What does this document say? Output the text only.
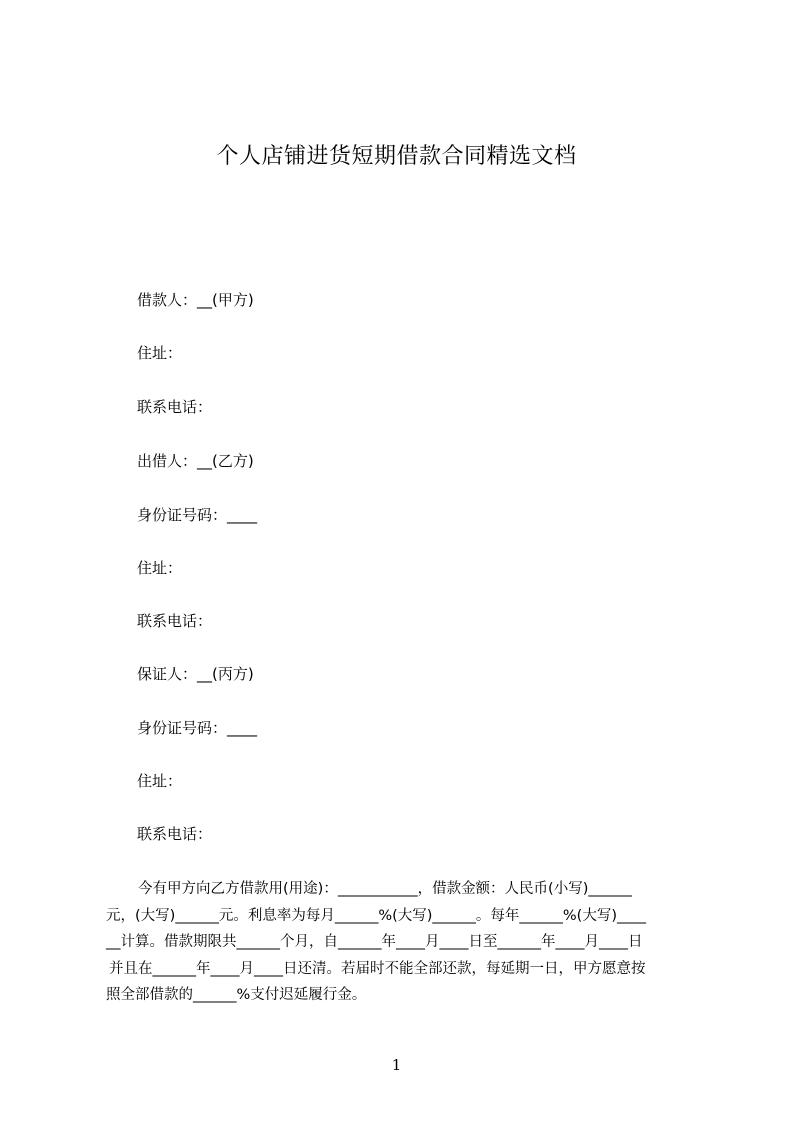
个人店铺进货短期借款合同精选文档
借款人：__(甲方)
住址：
联系电话：
出借人：__(乙方)
身份证号码：____
住址：
联系电话：
保证人：__(丙方)
身份证号码：____
住址：
联系电话：
今有甲方向乙方借款用(用途)：___________，借款金额：人民币(小写)______
元，(大写)______元。利息率为每月______%(大写)______。每年______%(大写)____
__计算。借款期限共______个月，自______年____月____日至______年____月____日
并且在______年____月____日还清。若届时不能全部还款，每延期一日，甲方愿意按
照全部借款的______%支付迟延履行金。
1
